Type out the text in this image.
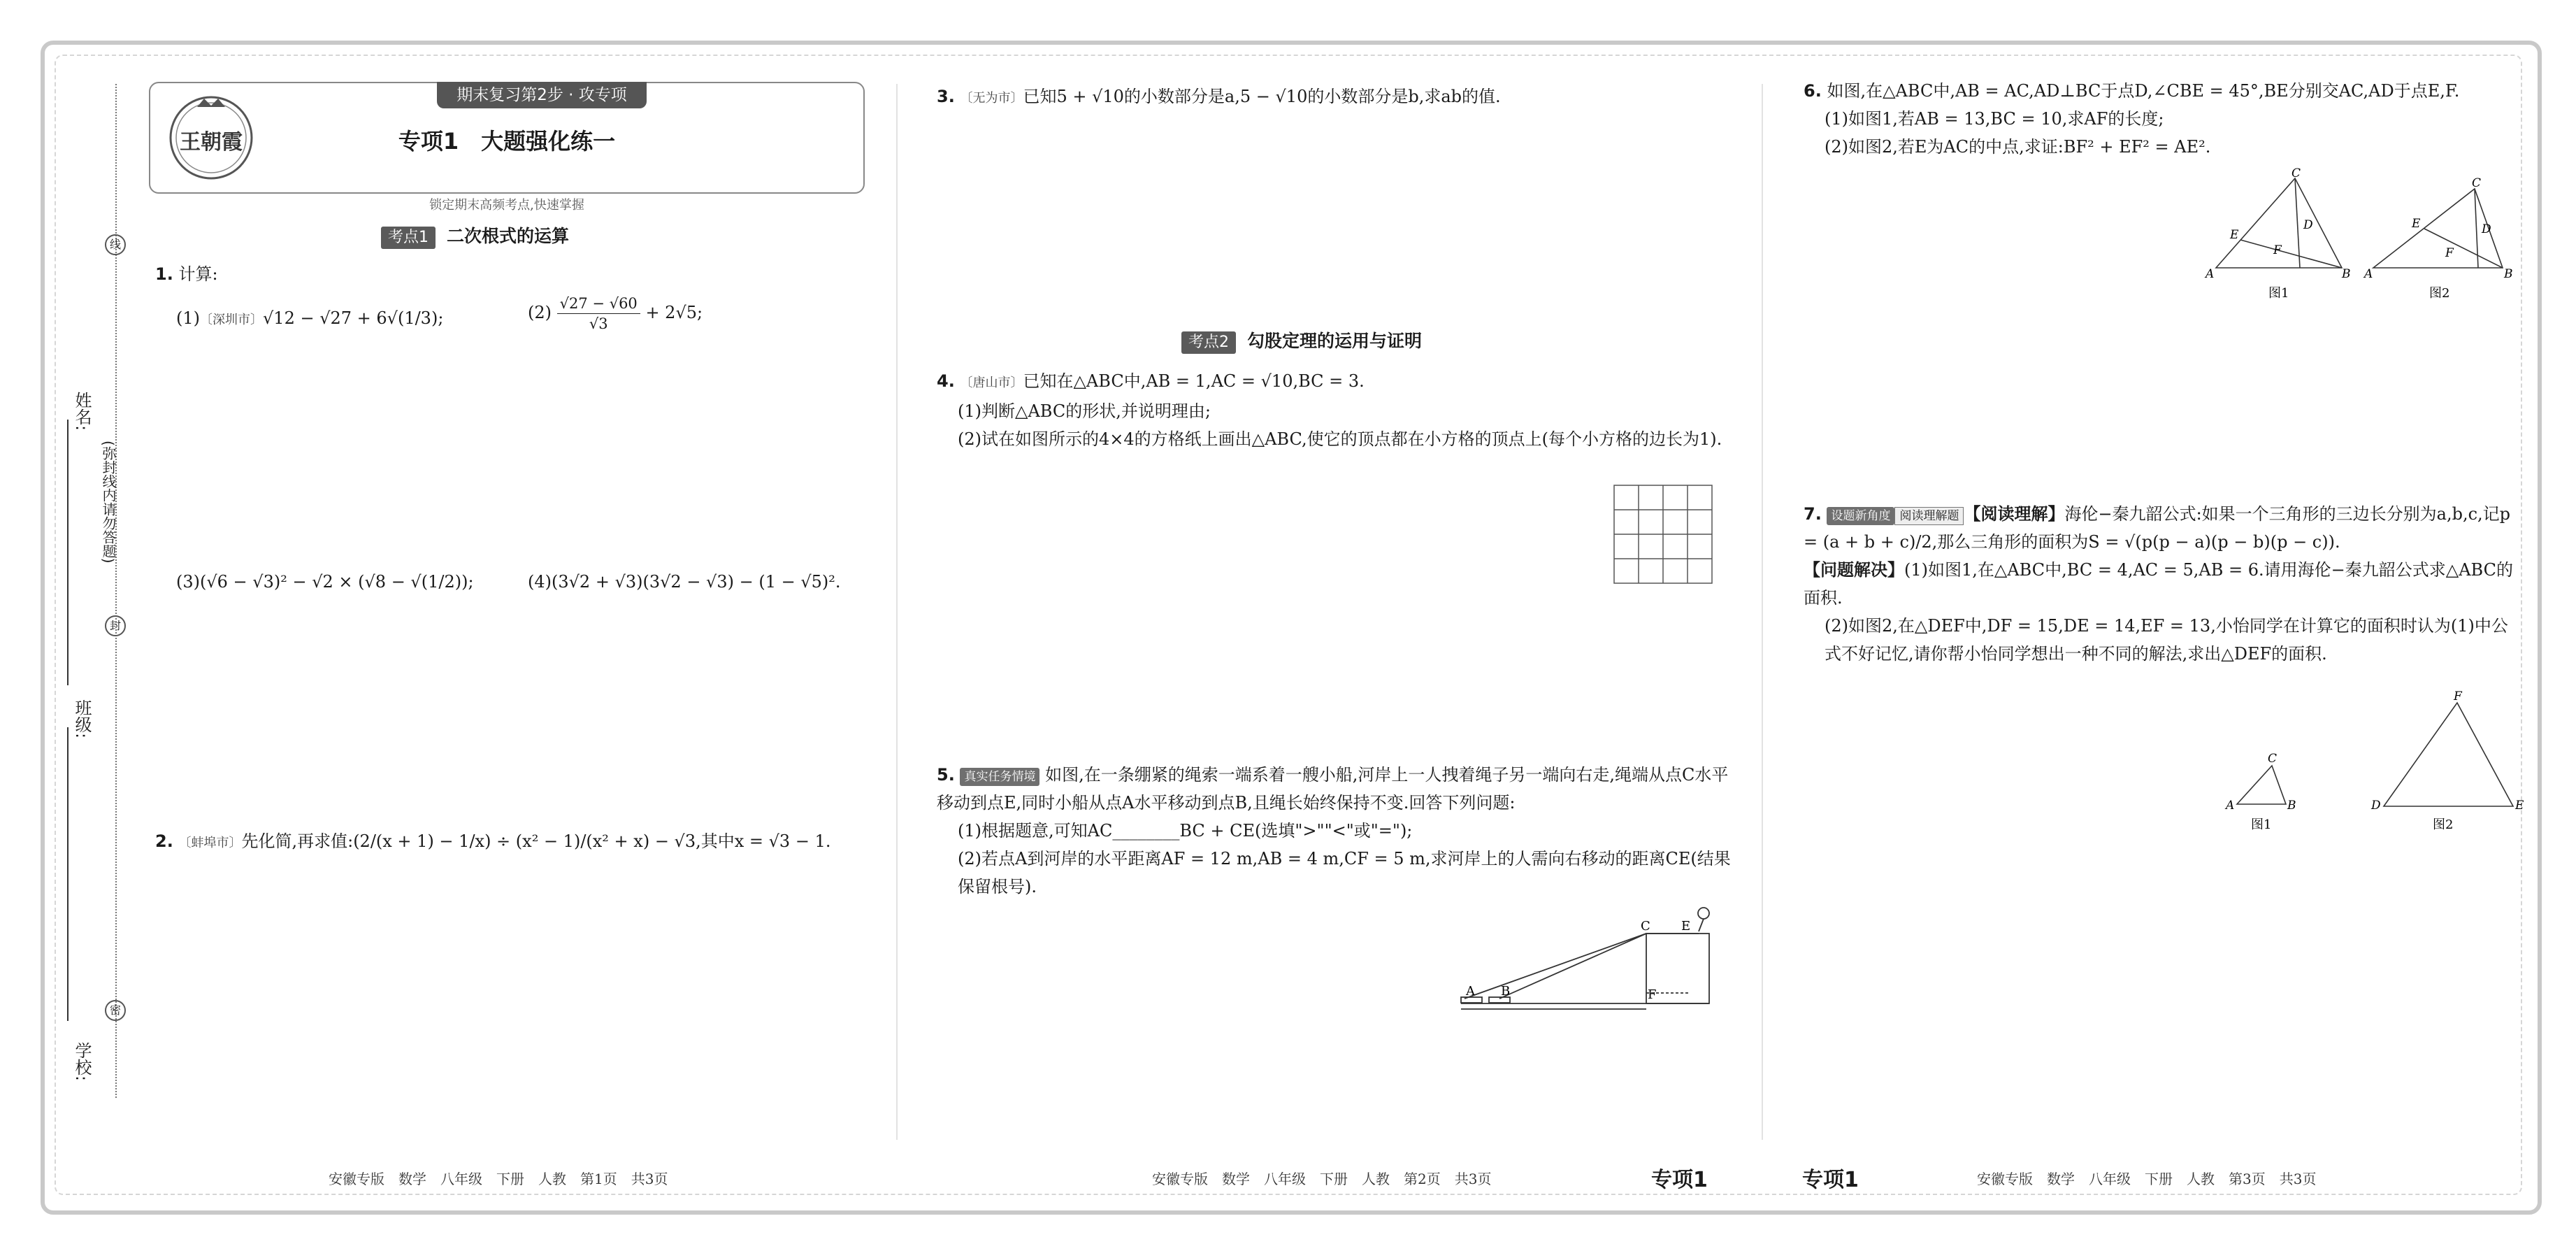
姓名:
班级:
学校:
(弥封线内请勿答题)
线
封
密
王朝霞
期末复习第2步 · 攻专项
专项1　大题强化练一
锁定期末高频考点,快速掌握
考点1 二次根式的运算
1. 计算:
(1)〔深圳市〕√12 − √27 + 6√(1/3);	$(2) \frac{√27 - √60}{√3} + 2√5$;
(3)(√6 − √3)² − √2 × (√8 − √(1/2));	(4)(3√2 + √3)(3√2 − √3) − (1 − √5)².
2. 〔蚌埠市〕先化简,再求值:(2/(x + 1) − 1/x) ÷ (x² − 1)/(x² + x) − √3,其中x = √3 − 1.
3. 〔无为市〕已知5 + √10的小数部分是a,5 − √10的小数部分是b,求ab的值.
考点2 勾股定理的运用与证明
4. 〔唐山市〕已知在△ABC中,AB = 1,AC = √10,BC = 3.
(1)判断△ABC的形状,并说明理由;
(2)试在如图所示的4×4的方格纸上画出△ABC,使它的顶点都在小方格的顶点上(每个小方格的边长为1).
5. 真实任务情境 如图,在一条绷紧的绳索一端系着一艘小船,河岸上一人拽着绳子另一端向右走,绳端从点C水平移动到点E,同时小船从点A水平移动到点B,且绳长始终保持不变.回答下列问题:
(1)根据题意,可知AC________BC + CE(选填">""<"或"=");
(2)若点A到河岸的水平距离AF = 12 m,AB = 4 m,CF = 5 m,求河岸上的人需向右移动的距离CE(结果保留根号).
A B
C E
F
6. 如图,在△ABC中,AB = AC,AD⊥BC于点D,∠CBE = 45°,BE分别交AC,AD于点E,F.
(1)如图1,若AB = 13,BC = 10,求AF的长度;
(2)如图2,若E为AC的中点,求证:BF² + EF² = AE².
A	B
C
D
E
F
A	B
C
D
E
F
图1	图2
7. 设题新角度 阅读理解题 【阅读理解】海伦−秦九韶公式:如果一个三角形的三边长分别为a,b,c,记p = (a + b + c)/2,那么三角形的面积为S = √(p(p − a)(p − b)(p − c)).
【问题解决】(1)如图1,在△ABC中,BC = 4,AC = 5,AB = 6.请用海伦−秦九韶公式求△ABC的面积.
(2)如图2,在△DEF中,DF = 15,DE = 14,EF = 13,小怡同学在计算它的面积时认为(1)中公式不好记忆,请你帮小怡同学想出一种不同的解法,求出△DEF的面积.
A	B
C
D	E
F
图1	图2
安徽专版　数学　八年级　下册　人教　第1页　共3页	安徽专版　数学　八年级　下册　人教　第2页　共3页	专项1	专项1	安徽专版　数学　八年级　下册　人教　第3页　共3页
